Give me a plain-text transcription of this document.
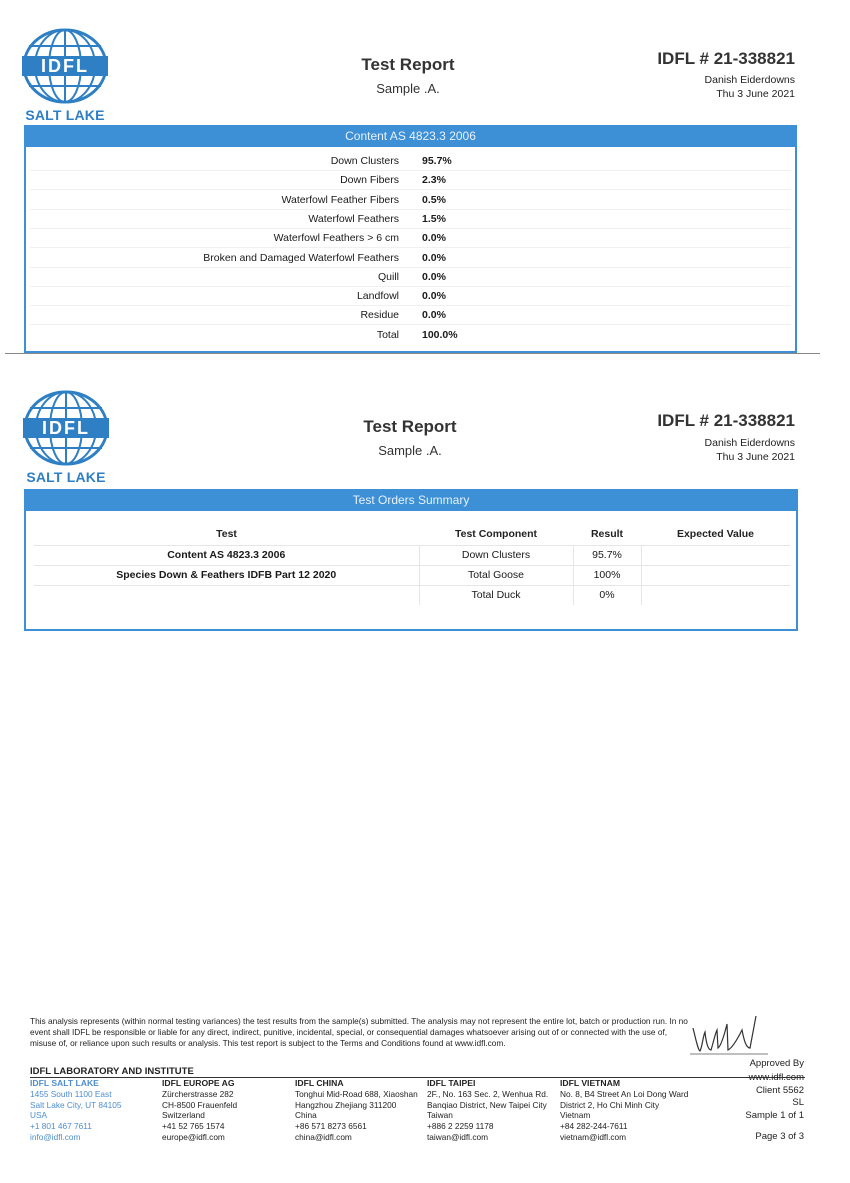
IDFL
SALT LAKE
Test Report
Sample .A.
IDFL # 21-338821
Danish Eiderdowns
Thu 3 June 2021
Content AS 4823.3 2006
Down Clusters 95.7%
Down Fibers 2.3%
Waterfowl Feather Fibers 0.5%
Waterfowl Feathers 1.5%
Waterfowl Feathers > 6 cm 0.0%
Broken and Damaged Waterfowl Feathers 0.0%
Quill 0.0%
Landfowl 0.0%
Residue 0.0%
Total 100.0%
IDFL
SALT LAKE
Test Report
Sample .A.
IDFL # 21-338821
Danish Eiderdowns
Thu 3 June 2021
Test Orders Summary
Test	Test Component	Result	Expected Value
Content AS 4823.3 2006	Down Clusters	95.7%	
Species Down & Feathers IDFB Part 12 2020	Total Goose	100%	
	Total Duck	0%	
This analysis represents (within normal testing variances) the test results from the sample(s) submitted. The analysis may not represent the entire lot, batch or production run. In no event shall IDFL be responsible or liable for any direct, indirect, punitive, incidental, special, or consequential damages whatsoever arising out of or connected with the use of, misuse of, or reliance upon such results or analysis. This test report is subject to the Terms and Conditions found at www.idfl.com.
Approved By
IDFL LABORATORY AND INSTITUTE
IDFL SALT LAKE
1455 South 1100 East
Salt Lake City, UT 84105
USA
+1 801 467 7611
info@idfl.com
IDFL EUROPE AG
Zürcherstrasse 282
CH-8500 Frauenfeld
Switzerland
+41 52 765 1574
europe@idfl.com
IDFL CHINA
Tonghui Mid-Road 688, Xiaoshan
Hangzhou Zhejiang 311200
China
+86 571 8273 6561
china@idfl.com
IDFL TAIPEI
2F., No. 163 Sec. 2, Wenhua Rd.
Banqiao District, New Taipei City
Taiwan
+886 2 2259 1178
taiwan@idfl.com
IDFL VIETNAM
No. 8, B4 Street An Loi Dong Ward
District 2, Ho Chi Minh City
Vietnam
+84 282-244-7611
vietnam@idfl.com
www.idfl.com
Client 5562
SL
Sample 1 of 1
Page 3 of 3
